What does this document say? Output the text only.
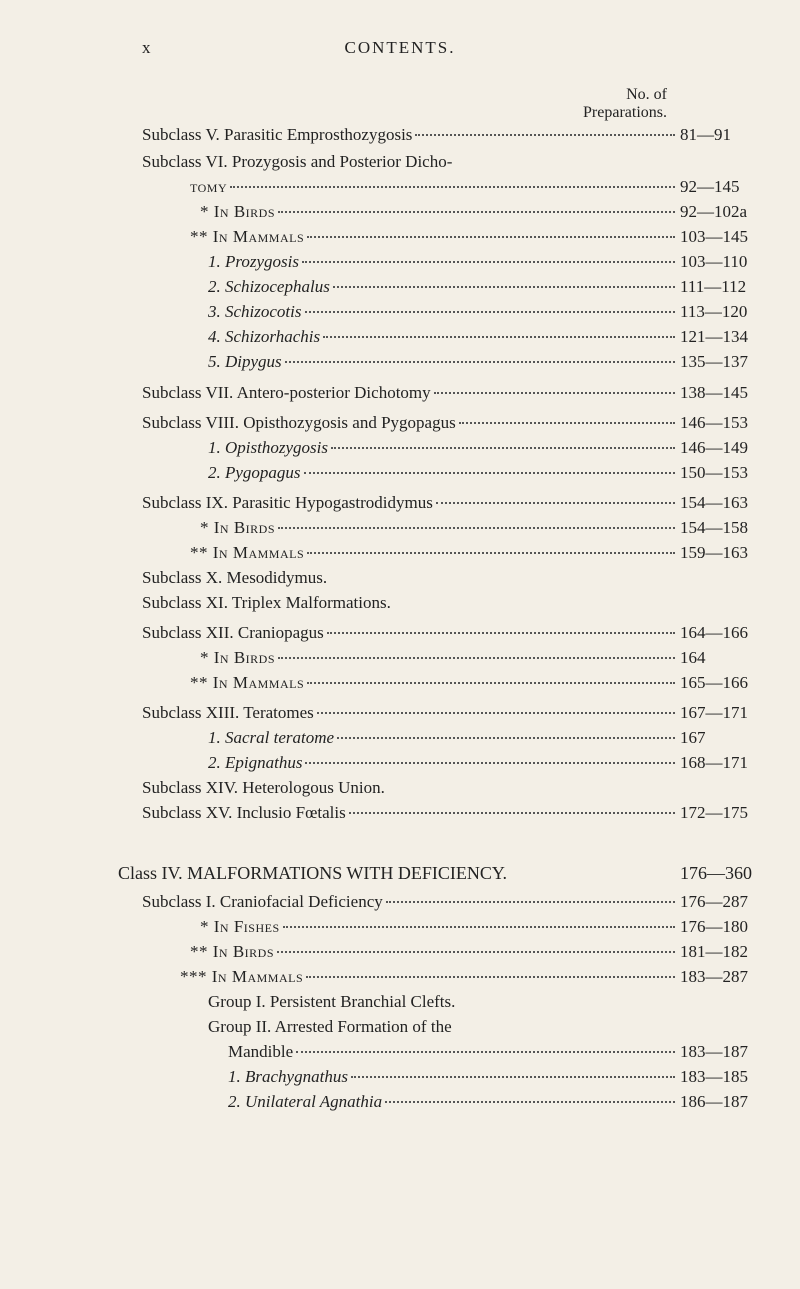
x	CONTENTS.
No. of
Preparations.
Subclass V. Parasitic Emprosthozygosis	81—91
Subclass VI. Prozygosis and Posterior Dicho-
tomy	92—145
* In Birds	92—102a
** In Mammals	103—145
1. Prozygosis	103—110
2. Schizocephalus	111—112
3. Schizocotis	113—120
4. Schizorhachis	121—134
5. Dipygus	135—137
Subclass VII. Antero-posterior Dichotomy	138—145
Subclass VIII. Opisthozygosis and Pygopagus	146—153
1. Opisthozygosis	146—149
2. Pygopagus	150—153
Subclass IX. Parasitic Hypogastrodidymus	154—163
* In Birds	154—158
** In Mammals	159—163
Subclass X. Mesodidymus.
Subclass XI. Triplex Malformations.
Subclass XII. Craniopagus	164—166
* In Birds	164
** In Mammals	165—166
Subclass XIII. Teratomes	167—171
1. Sacral teratome	167
2. Epignathus	168—171
Subclass XIV. Heterologous Union.
Subclass XV. Inclusio Fœtalis	172—175
Class IV. MALFORMATIONS WITH DEFICIENCY.	176—360
Subclass I. Craniofacial Deficiency	176—287
* In Fishes	176—180
** In Birds	181—182
*** In Mammals	183—287
Group I. Persistent Branchial Clefts.
Group II. Arrested Formation of the
Mandible	183—187
1. Brachygnathus	183—185
2. Unilateral Agnathia	186—187
